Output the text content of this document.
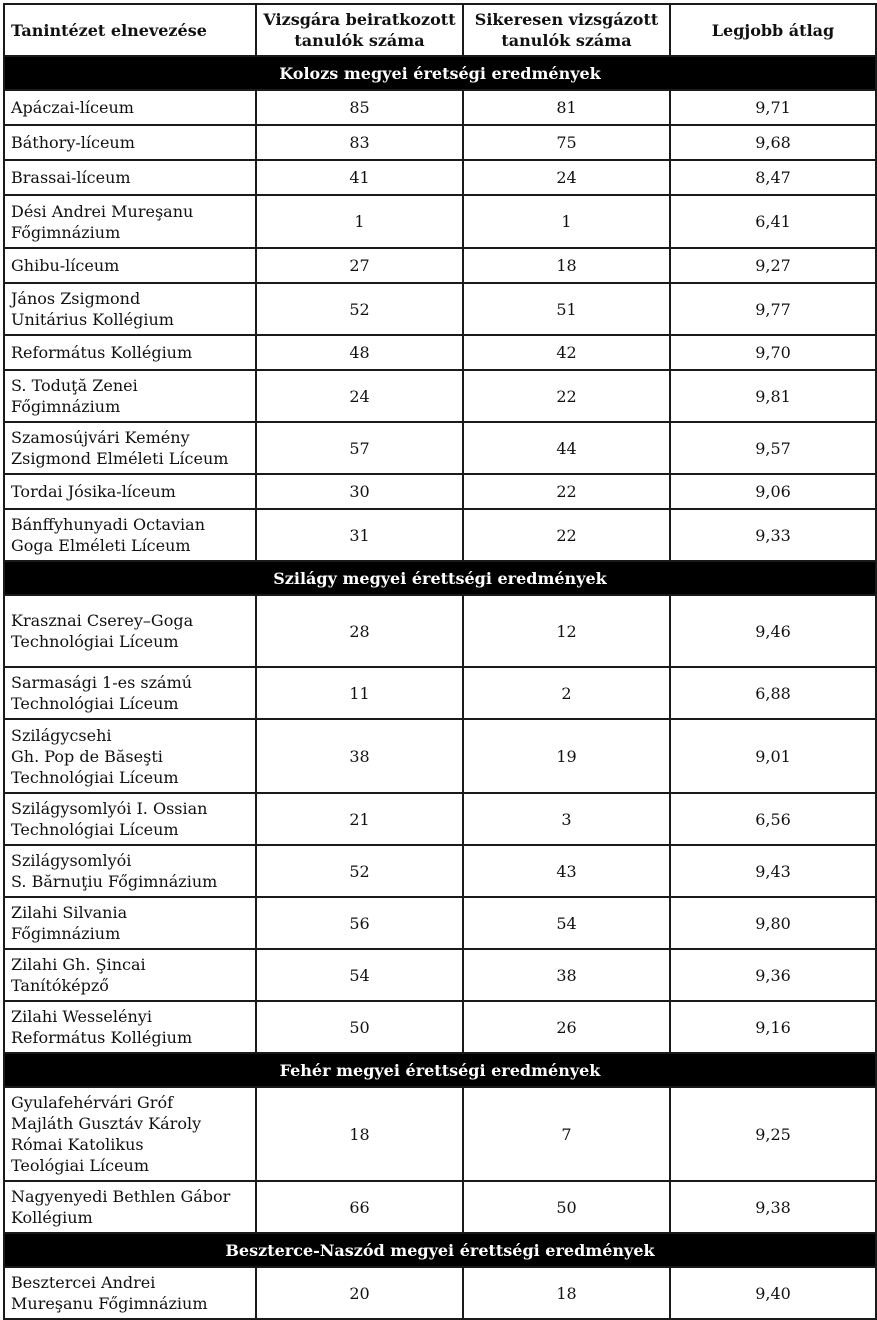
Tanintézet elnevezése	Vizsgára beiratkozott tanulók száma	Sikeresen vizsgázott tanulók száma	Legjobb átlag
Kolozs megyei éretségi eredmények			
Apáczai-líceum	85	81	9,71
Báthory-líceum	83	75	9,68
Brassai-líceum	41	24	8,47
Dési Andrei Mureşanu
Főgimnázium	1	1	6,41
Ghibu-líceum	27	18	9,27
János Zsigmond
Unitárius Kollégium	52	51	9,77
Református Kollégium	48	42	9,70
S. Toduţă Zenei
Főgimnázium	24	22	9,81
Szamosújvári Kemény
Zsigmond Elméleti Líceum	57	44	9,57
Tordai Jósika-líceum	30	22	9,06
Bánffyhunyadi Octavian
Goga Elméleti Líceum	31	22	9,33
Szilágy megyei érettségi eredmények			
Krasznai Cserey–Goga
Technológiai Líceum	28	12	9,46
Sarmasági 1-es számú
Technológiai Líceum	11	2	6,88
Szilágycsehi
Gh. Pop de Băseşti
Technológiai Líceum	38	19	9,01
Szilágysomlyói I. Ossian
Technológiai Líceum	21	3	6,56
Szilágysomlyói
S. Bărnuţiu Főgimnázium	52	43	9,43
Zilahi Silvania
Főgimnázium	56	54	9,80
Zilahi Gh. Şincai
Tanítóképző	54	38	9,36
Zilahi Wesselényi
Református Kollégium	50	26	9,16
Fehér megyei érettségi eredmények			
Gyulafehérvári Gróf
Majláth Gusztáv Károly
Római Katolikus
Teológiai Líceum	18	7	9,25
Nagyenyedi Bethlen Gábor
Kollégium	66	50	9,38
Beszterce-Naszód megyei érettségi eredmények			
Besztercei Andrei
Mureşanu Főgimnázium	20	18	9,40
